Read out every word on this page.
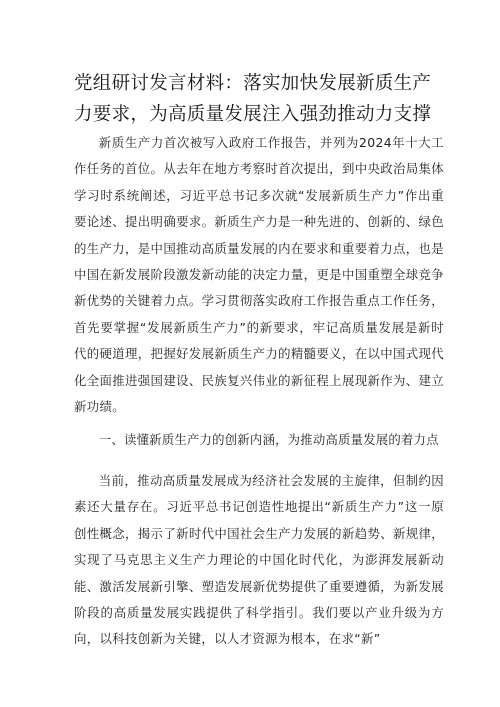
党组研讨发言材料：落实加快发展新质生产力要求，为高质量发展注入强劲推动力支撑

新质生产力首次被写入政府工作报告，并列为2024年十大工作任务的首位。从去年在地方考察时首次提出，到中央政治局集体学习时系统阐述，习近平总书记多次就“发展新质生产力”作出重要论述、提出明确要求。新质生产力是一种先进的、创新的、绿色的生产力，是中国推动高质量发展的内在要求和重要着力点，也是中国在新发展阶段激发新动能的决定力量，更是中国重塑全球竞争新优势的关键着力点。学习贯彻落实政府工作报告重点工作任务，首先要掌握“发展新质生产力”的新要求，牢记高质量发展是新时代的硬道理，把握好发展新质生产力的精髓要义，在以中国式现代化全面推进强国建设、民族复兴伟业的新征程上展现新作为、建立新功绩。

一、读懂新质生产力的创新内涵，为推动高质量发展的着力点

当前，推动高质量发展成为经济社会发展的主旋律，但制约因素还大量存在。习近平总书记创造性地提出“新质生产力”这一原创性概念，揭示了新时代中国社会生产力发展的新趋势、新规律，实现了马克思主义生产力理论的中国化时代化，为澎湃发展新动能、激活发展新引擎、塑造发展新优势提供了重要遵循，为新发展阶段的高质量发展实践提供了科学指引。我们要以产业升级为方向，以科技创新为关键，以人才资源为根本，在求“新”
